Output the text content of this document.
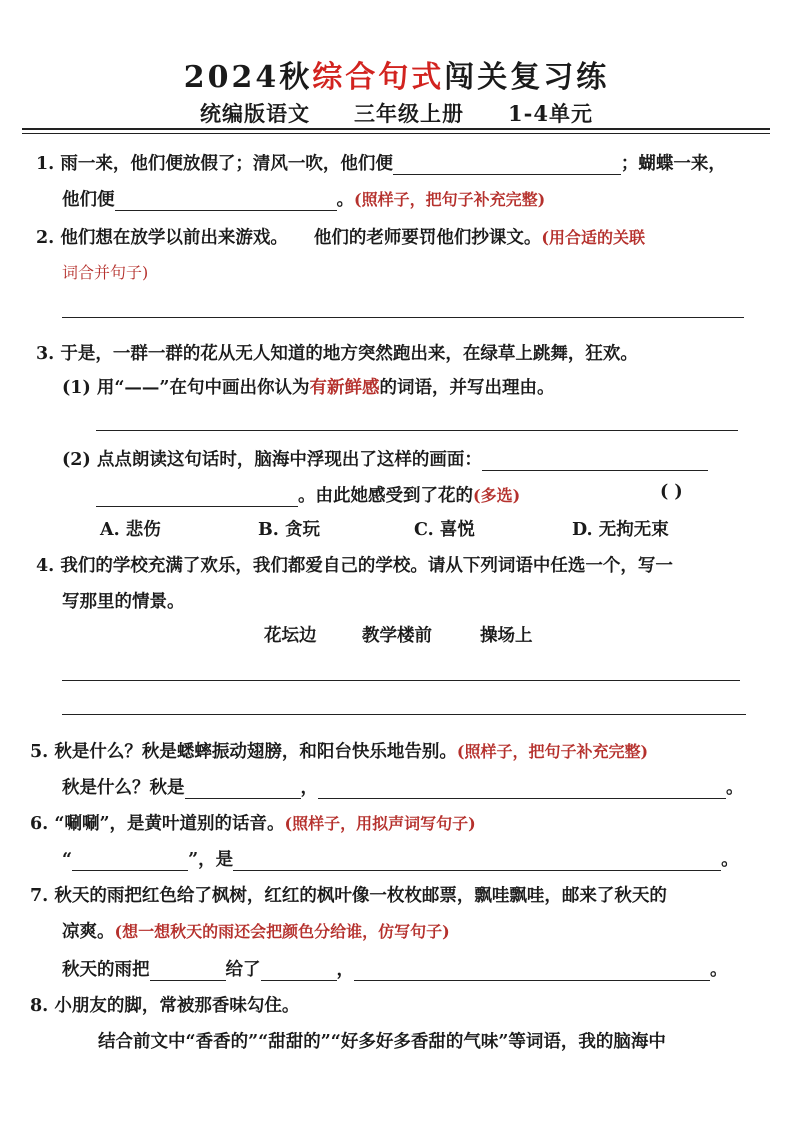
2024秋综合句式闯关复习练
统编版语文 三年级上册 1-4单元
1. 雨一来，他们便放假了；清风一吹，他们便	；蝴蝶一来，
他们便	。(照样子，把句子补充完整)
2. 他们想在放学以前出来游戏。 他们的老师要罚他们抄课文。(用合适的关联
词合并句子)
3. 于是，一群一群的花从无人知道的地方突然跑出来，在绿草上跳舞，狂欢。
(1) 用“——”在句中画出你认为有新鲜感的词语，并写出理由。
(2) 点点朗读这句话时，脑海中浮现出了这样的画面：
。由此她感受到了花的(多选)	( )
A. 悲伤	B. 贪玩	C. 喜悦	D. 无拘无束
4. 我们的学校充满了欢乐，我们都爱自己的学校。请从下列词语中任选一个，写一
写那里的情景。
花坛边	教学楼前	操场上
5. 秋是什么？秋是蟋蟀振动翅膀，和阳台快乐地告别。(照样子，把句子补充完整)
秋是什么？秋是	，	。
6. “唰唰”，是黄叶道别的话音。(照样子，用拟声词写句子)
“	”，是	。
7. 秋天的雨把红色给了枫树，红红的枫叶像一枚枚邮票，飘哇飘哇，邮来了秋天的
凉爽。(想一想秋天的雨还会把颜色分给谁，仿写句子)
秋天的雨把	给了	，	。
8. 小朋友的脚，常被那香味勾住。
结合前文中“香香的”“甜甜的”“好多好多香甜的气味”等词语，我的脑海中
